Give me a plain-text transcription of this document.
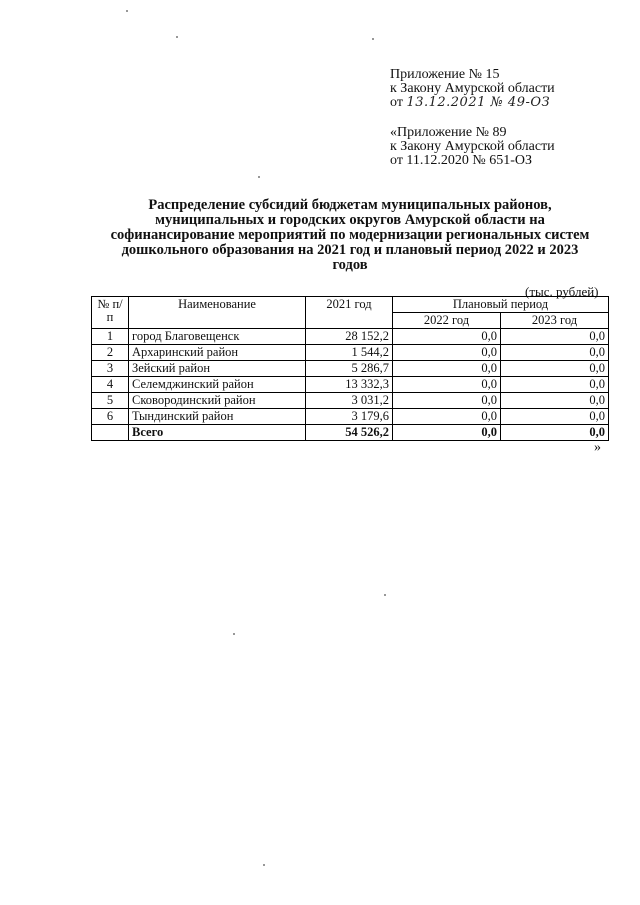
Приложение № 15
к Закону Амурской области
от 13.12.2021 № 49-ОЗ
«Приложение № 89
к Закону Амурской области
от 11.12.2020 № 651-ОЗ
Распределение субсидий бюджетам муниципальных районов,
муниципальных и городских округов Амурской области на
софинансирование мероприятий по модернизации региональных систем
дошкольного образования на 2021 год и плановый период 2022 и 2023
годов
(тыс. рублей)
№ п/п	Наименование	2021 год	Плановый период	
			2022 год	2023 год
1	город Благовещенск	28 152,2	0,0	0,0
2	Архаринский район	1 544,2	0,0	0,0
3	Зейский район	5 286,7	0,0	0,0
4	Селемджинский район	13 332,3	0,0	0,0
5	Сковородинский район	3 031,2	0,0	0,0
6	Тындинский район	3 179,6	0,0	0,0
	Всего	54 526,2	0,0	0,0
»
